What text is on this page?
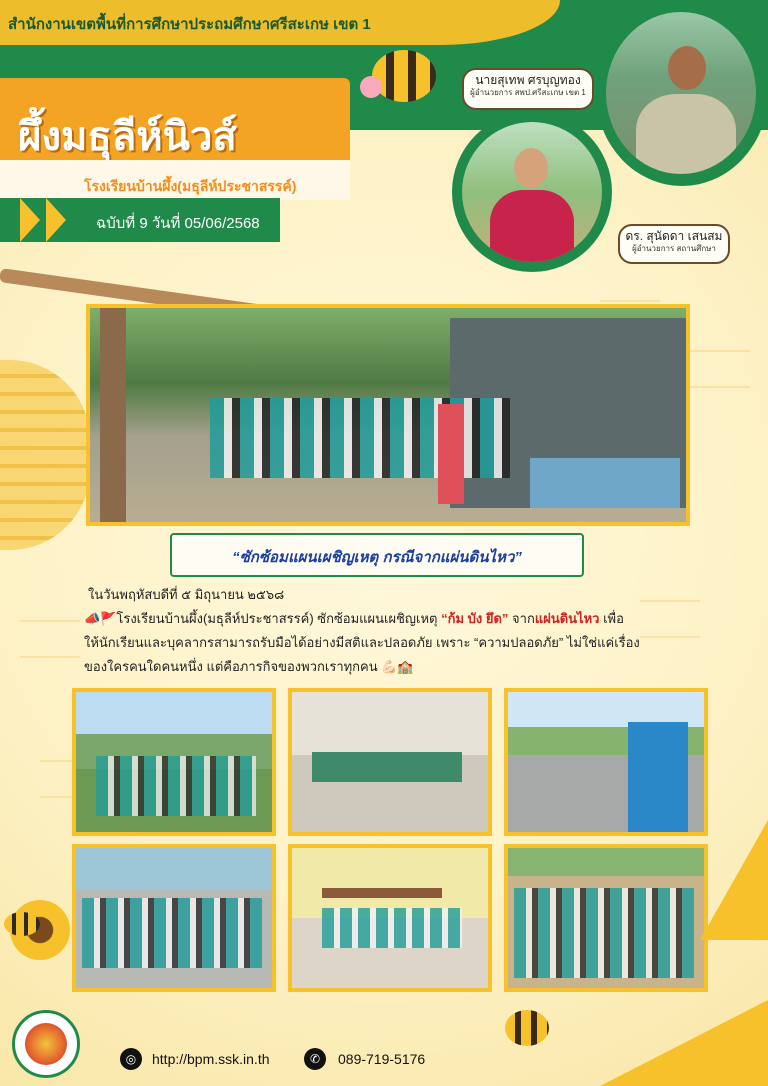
สำนักงานเขตพื้นที่การศึกษาประถมศึกษาศรีสะเกษ เขต 1
ผึ้งมธุลีห์นิวส์
โรงเรียนบ้านผึ้ง(มธุลีห์ประชาสรรค์)
ฉบับที่ 9 วันที่ 05/06/2568
นายสุเทพ ศรบุญทอง
ผู้อำนวยการ สพป.ศรีสะเกษ เขต 1
ดร. สุนัดดา เสนสม
ผู้อำนวยการ สถานศึกษา
“ซักซ้อมแผนเผชิญเหตุ กรณีจากแผ่นดินไหว”
ในวันพฤหัสบดีที่ ๕ มิถุนายน ๒๕๖๘
📣🚩โรงเรียนบ้านผึ้ง(มธุลีห์ประชาสรรค์) ซักซ้อมแผนเผชิญเหตุ “ก้ม บัง ยึด” จากแผ่นดินไหว เพื่อ
ให้นักเรียนและบุคลากรสามารถรับมือได้อย่างมีสติและปลอดภัย เพราะ “ความปลอดภัย” ไม่ใช่แค่เรื่อง
ของใครคนใดคนหนึ่ง แต่คือภารกิจของพวกเราทุกคน 💪🏻🏫
◎	http://bpm.ssk.in.th	✆	089-719-5176
